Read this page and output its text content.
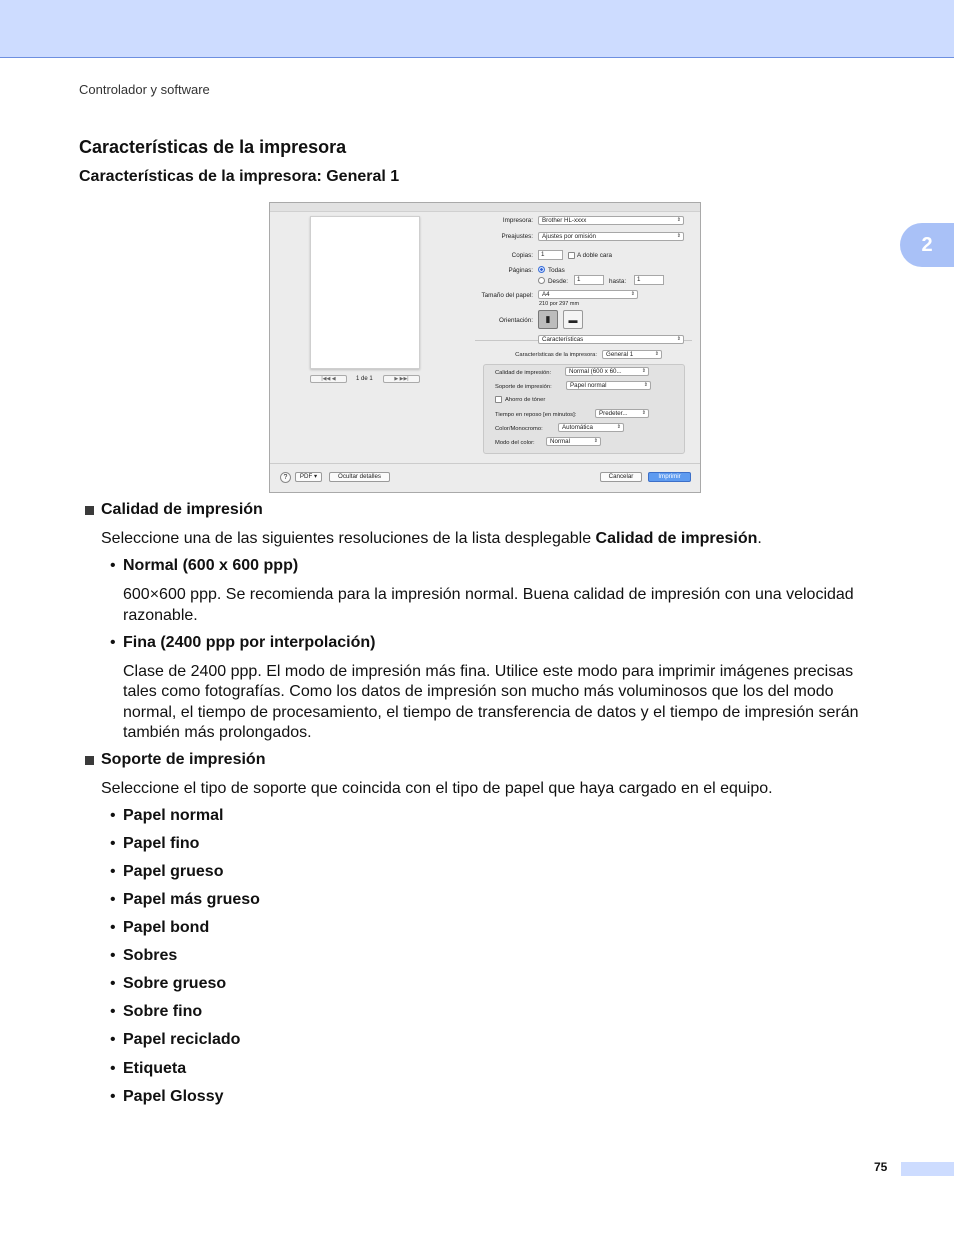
Controlador y software
2
Características de la impresora
Características de la impresora: General 1
|◀◀ ◀	1 de 1	▶ ▶▶|
Impresora:	Brother HL-xxxx	⇕
Preajustes:	Ajustes por omisión	⇕
Copias:	1	A doble cara
Páginas: Todas
Desde:	1	hasta:	1
Tamaño del papel:	A4	⇕
210 por 297 mm
Orientación:	▮	▬
Características	⇕
Características de la impresora:	General 1	⇕
Calidad de impresión:	Normal (600 x 60...	⇕
Soporte de impresión:	Papel normal	⇕
Ahorro de tóner
Tiempo en reposo [en minutos]:	Predeter...	⇕
Color/Monocromo:	Automática	⇕
Modo del color:	Normal	⇕
?	PDF ▾	Ocultar detalles	Cancelar	Imprimir
Calidad de impresión
Seleccione una de las siguientes resoluciones de la lista desplegable Calidad de impresión.
• Normal (600 x 600 ppp)
600×600 ppp. Se recomienda para la impresión normal. Buena calidad de impresión con una velocidad
razonable.
• Fina (2400 ppp por interpolación)
Clase de 2400 ppp. El modo de impresión más fina. Utilice este modo para imprimir imágenes precisas
tales como fotografías. Como los datos de impresión son mucho más voluminosos que los del modo
normal, el tiempo de procesamiento, el tiempo de transferencia de datos y el tiempo de impresión serán
también más prolongados.
Soporte de impresión
Seleccione el tipo de soporte que coincida con el tipo de papel que haya cargado en el equipo.
• Papel normal
• Papel fino
• Papel grueso
• Papel más grueso
• Papel bond
• Sobres
• Sobre grueso
• Sobre fino
• Papel reciclado
• Etiqueta
• Papel Glossy
75
